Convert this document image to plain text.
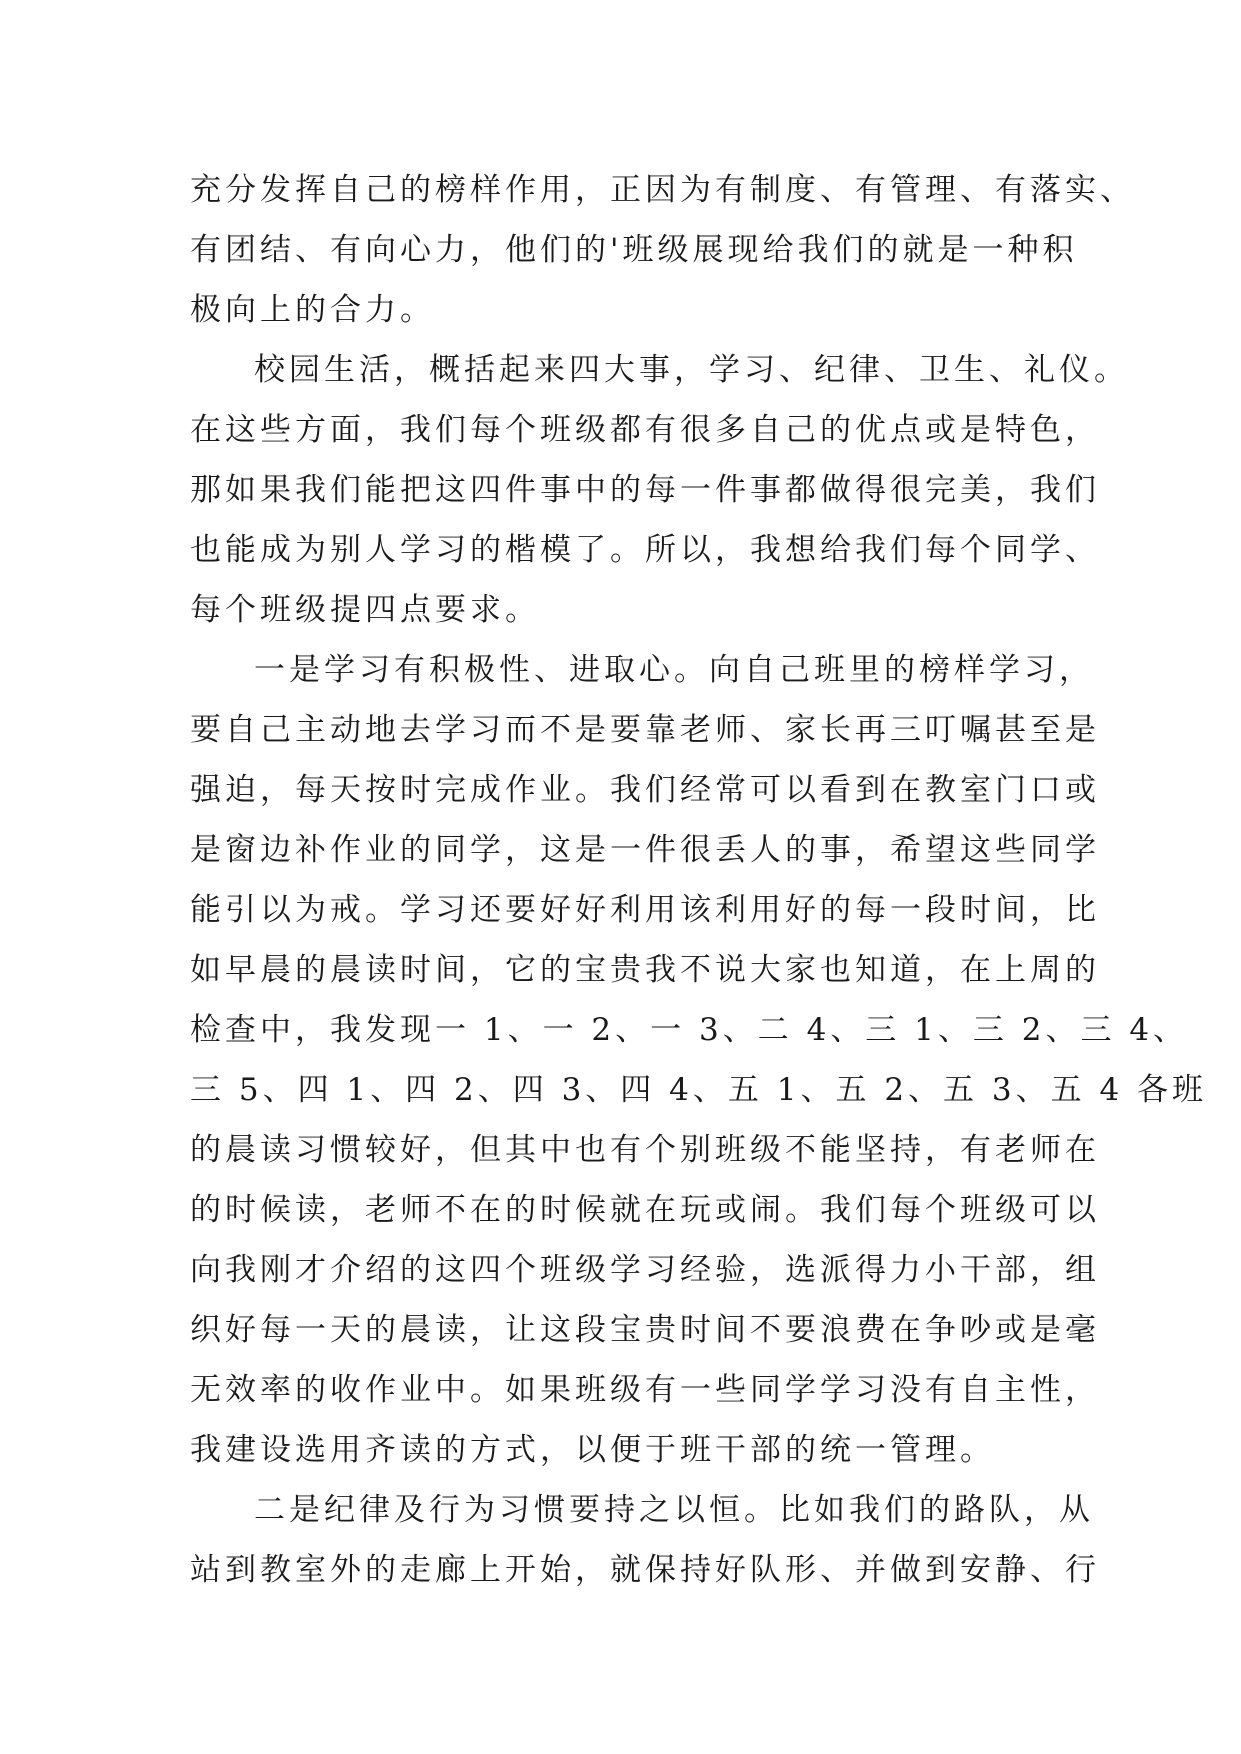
充分发挥自己的榜样作用，正因为有制度、有管理、有落实、
有团结、有向心力，他们的'班级展现给我们的就是一种积
极向上的合力。
校园生活，概括起来四大事，学习、纪律、卫生、礼仪。
在这些方面，我们每个班级都有很多自己的优点或是特色，
那如果我们能把这四件事中的每一件事都做得很完美，我们
也能成为别人学习的楷模了。所以，我想给我们每个同学、
每个班级提四点要求。
一是学习有积极性、进取心。向自己班里的榜样学习，
要自己主动地去学习而不是要靠老师、家长再三叮嘱甚至是
强迫，每天按时完成作业。我们经常可以看到在教室门口或
是窗边补作业的同学，这是一件很丢人的事，希望这些同学
能引以为戒。学习还要好好利用该利用好的每一段时间，比
如早晨的晨读时间，它的宝贵我不说大家也知道，在上周的
检查中，我发现一 1、一 2、一 3、二 4、三 1、三 2、三 4、
三 5、四 1、四 2、四 3、四 4、五 1、五 2、五 3、五 4 各班
的晨读习惯较好，但其中也有个别班级不能坚持，有老师在
的时候读，老师不在的时候就在玩或闹。我们每个班级可以
向我刚才介绍的这四个班级学习经验，选派得力小干部，组
织好每一天的晨读，让这段宝贵时间不要浪费在争吵或是毫
无效率的收作业中。如果班级有一些同学学习没有自主性，
我建设选用齐读的方式，以便于班干部的统一管理。
二是纪律及行为习惯要持之以恒。比如我们的路队，从
站到教室外的走廊上开始，就保持好队形、并做到安静、行
